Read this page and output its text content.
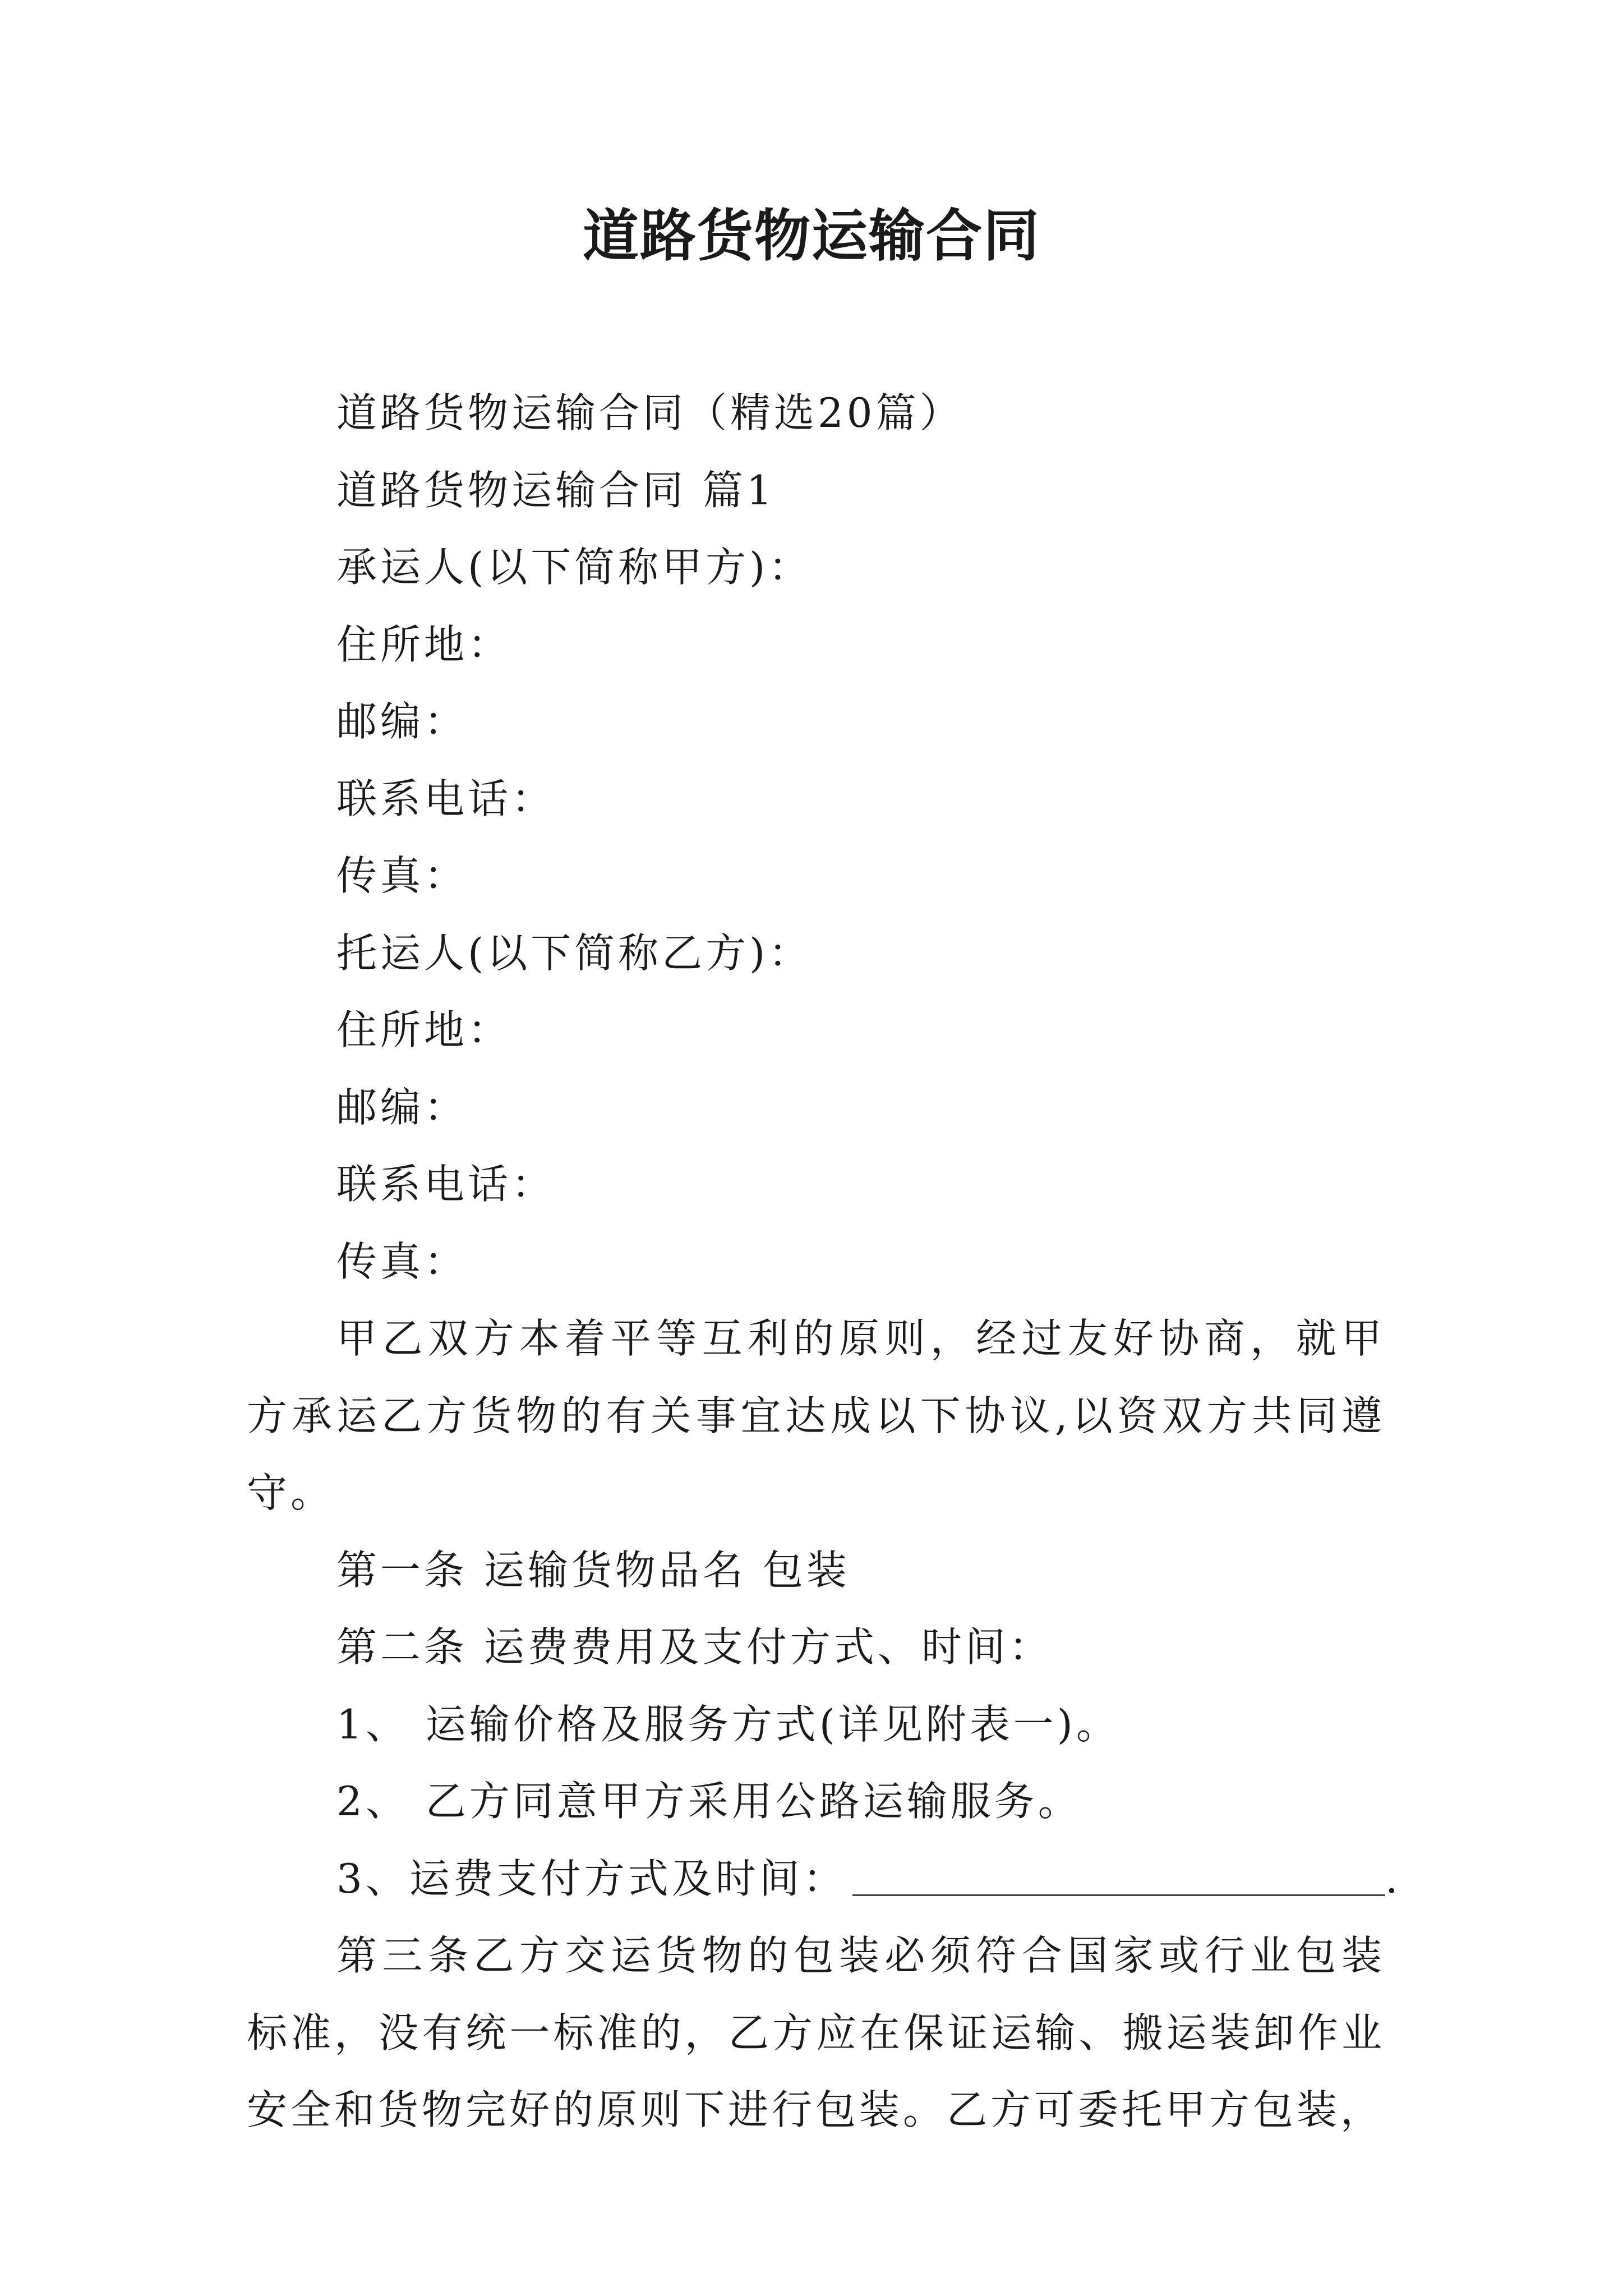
道路货物运输合同

道路货物运输合同（精选20篇）

道路货物运输合同 篇1

承运人(以下简称甲方)：

住所地：

邮编：

联系电话：

传真：

托运人(以下简称乙方)：

住所地：

邮编：

联系电话：

传真：

甲乙双方本着平等互利的原则，经过友好协商，就甲方承运乙方货物的有关事宜达成以下协议,以资双方共同遵守。

第一条 运输货物品名 包装

第二条 运费费用及支付方式、时间：

1、 运输价格及服务方式(详见附表一)。

2、 乙方同意甲方采用公路运输服务。

3、运费支付方式及时间：	.

第三条乙方交运货物的包装必须符合国家或行业包装标准，没有统一标准的，乙方应在保证运输、搬运装卸作业安全和货物完好的原则下进行包装。乙方可委托甲方包装，
